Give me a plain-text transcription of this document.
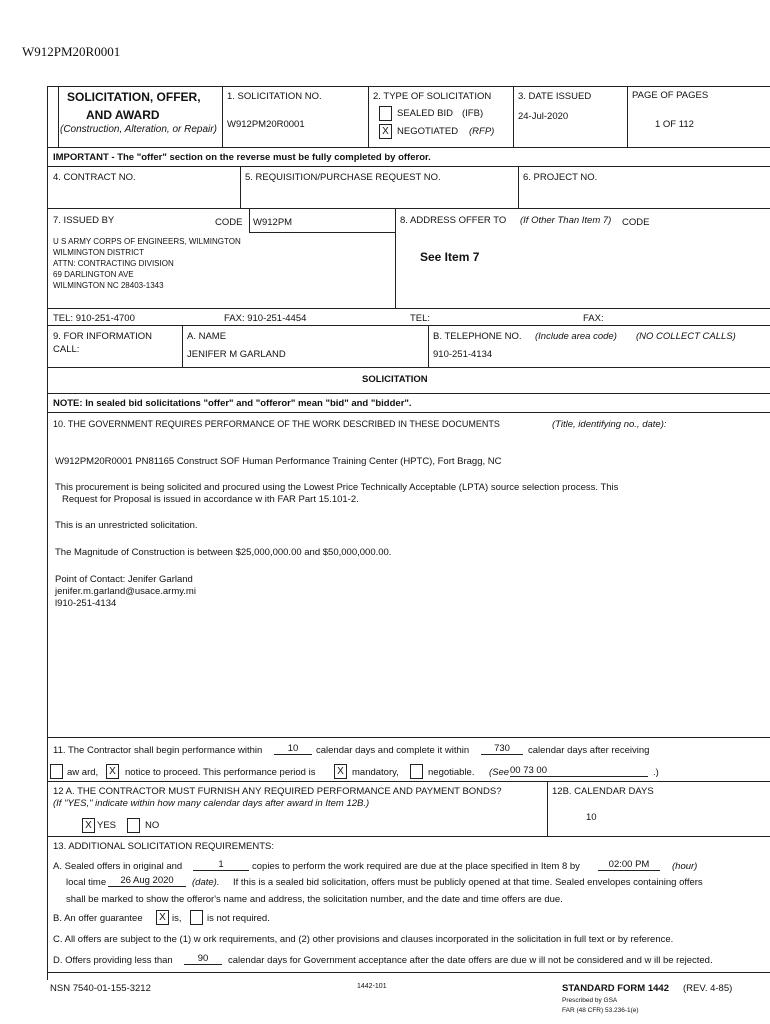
W912PM20R0001
SOLICITATION, OFFER,
AND AWARD
(Construction, Alteration, or Repair)
1. SOLICITATION NO.
W912PM20R0001
2. TYPE OF SOLICITATION
SEALED BID (IFB)
X NEGOTIATED (RFP)
3. DATE ISSUED
24-Jul-2020
PAGE OF PAGES
1 OF 112
IMPORTANT - The "offer" section on the reverse must be fully completed by offeror.
4. CONTRACT NO.	5. REQUISITION/PURCHASE REQUEST NO.	6. PROJECT NO.
7. ISSUED BY	CODE W912PM	8. ADDRESS OFFER TO (If Other Than Item 7) CODE
U S ARMY CORPS OF ENGINEERS, WILMINGTON
WILMINGTON DISTRICT
ATTN: CONTRACTING DIVISION
69 DARLINGTON AVE
WILMINGTON NC 28403-1343
See Item 7
TEL: 910-251-4700	FAX: 910-251-4454	TEL:	FAX:
9. FOR INFORMATION
CALL:
A. NAME
JENIFER M GARLAND
B. TELEPHONE NO. (Include area code) (NO COLLECT CALLS)
910-251-4134
SOLICITATION
NOTE: In sealed bid solicitations "offer" and "offeror" mean "bid" and "bidder".
10. THE GOVERNMENT REQUIRES PERFORMANCE OF THE WORK DESCRIBED IN THESE DOCUMENTS	(Title, identifying no., date):
W912PM20R0001 PN81165 Construct SOF Human Performance Training Center (HPTC), Fort Bragg, NC
This procurement is being solicited and procured using the Lowest Price Technically Acceptable (LPTA) source selection process. This
Request for Proposal is issued in accordance w ith FAR Part 15.101-2.
This is an unrestricted solicitation.
The Magnitude of Construction is between $25,000,000.00 and $50,000,000.00.
Point of Contact: Jenifer Garland
jenifer.m.garland@usace.army.mi
l910-251-4134
11. The Contractor shall begin performance within	10	calendar days and complete it within	730	calendar days after receiving
aw ard,	X notice to proceed. This performance period is	X mandatory,	negotiable. (See 00 73 00	.)
12 A. THE CONTRACTOR MUST FURNISH ANY REQUIRED PERFORMANCE AND PAYMENT BONDS?
(If "YES," indicate within how many calendar days after award in Item 12B.)
X YES	NO
12B. CALENDAR DAYS
10
13. ADDITIONAL SOLICITATION REQUIREMENTS:
A. Sealed offers in original and	1	copies to perform the work required are due at the place specified in Item 8 by	02:00 PM	(hour)
local time	26 Aug 2020	(date). If this is a sealed bid solicitation, offers must be publicly opened at that time. Sealed envelopes containing offers
shall be marked to show the offeror's name and address, the solicitation number, and the date and time offers are due.
B. An offer guarantee	X is,	is not required.
C. All offers are subject to the (1) w ork requirements, and (2) other provisions and clauses incorporated in the solicitation in full text or by reference.
D. Offers providing less than	90	calendar days for Government acceptance after the date offers are due w ill not be considered and w ill be rejected.
NSN 7540-01-155-3212	1442-101	STANDARD FORM 1442 (REV. 4-85)
Prescribed by GSA
FAR (48 CFR) 53.236-1(e)
